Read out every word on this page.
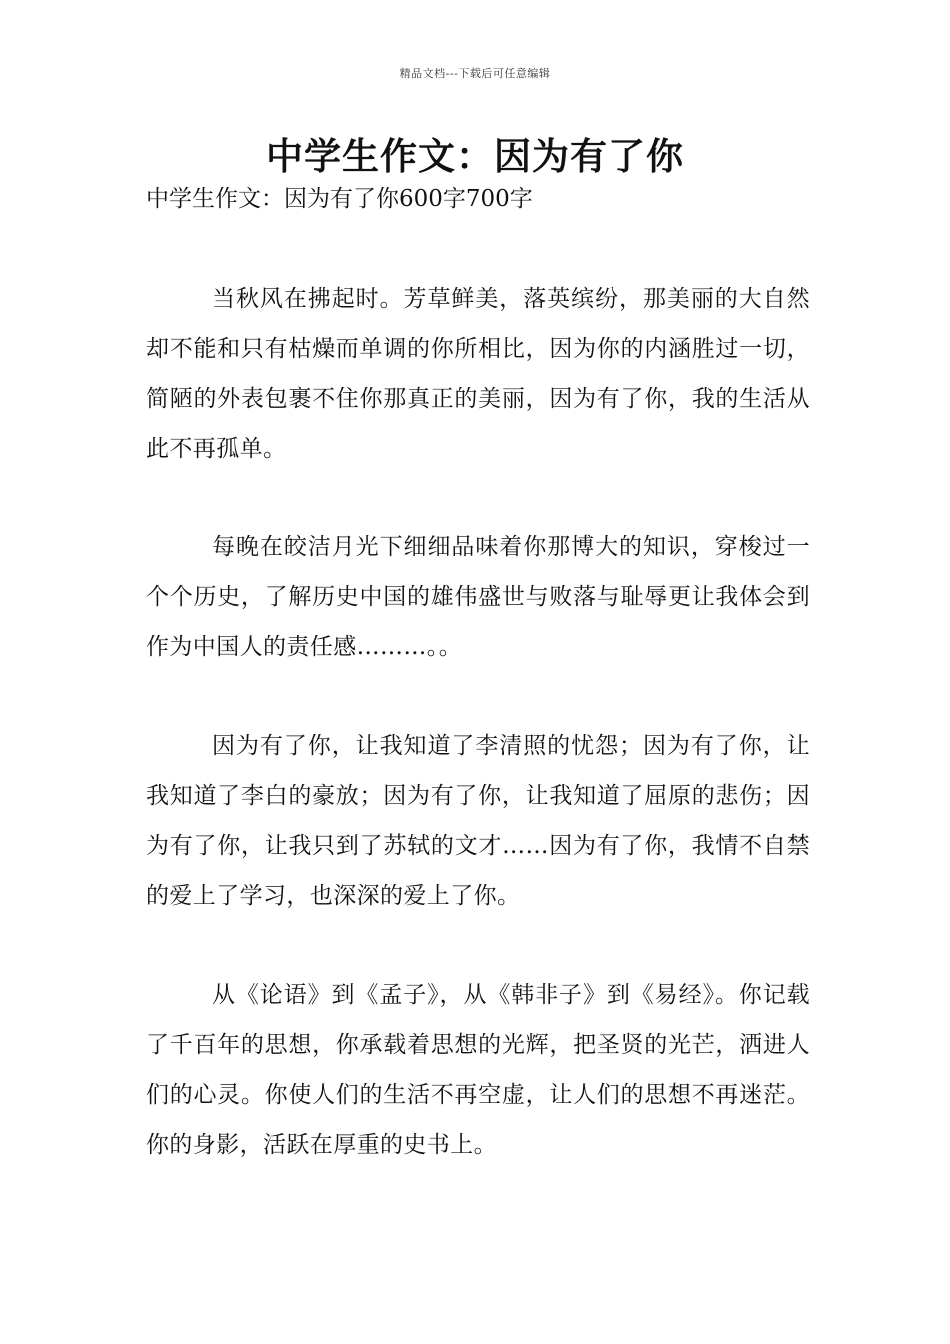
精品文档---下载后可任意编辑
中学生作文：因为有了你

中学生作文：因为有了你600字700字

当秋风在拂起时。芳草鲜美，落英缤纷，那美丽的大自然却不能和只有枯燥而单调的你所相比，因为你的内涵胜过一切，简陋的外表包裹不住你那真正的美丽，因为有了你，我的生活从此不再孤单。

每晚在皎洁月光下细细品味着你那博大的知识，穿梭过一个个历史，了解历史中国的雄伟盛世与败落与耻辱更让我体会到作为中国人的责任感………。。

因为有了你，让我知道了李清照的忧怨；因为有了你，让我知道了李白的豪放；因为有了你，让我知道了屈原的悲伤；因为有了你，让我只到了苏轼的文才……因为有了你，我情不自禁的爱上了学习，也深深的爱上了你。

从《论语》到《孟子》，从《韩非子》到《易经》。你记载了千百年的思想，你承载着思想的光辉，把圣贤的光芒，洒进人们的心灵。你使人们的生活不再空虚，让人们的思想不再迷茫。你的身影，活跃在厚重的史书上。
